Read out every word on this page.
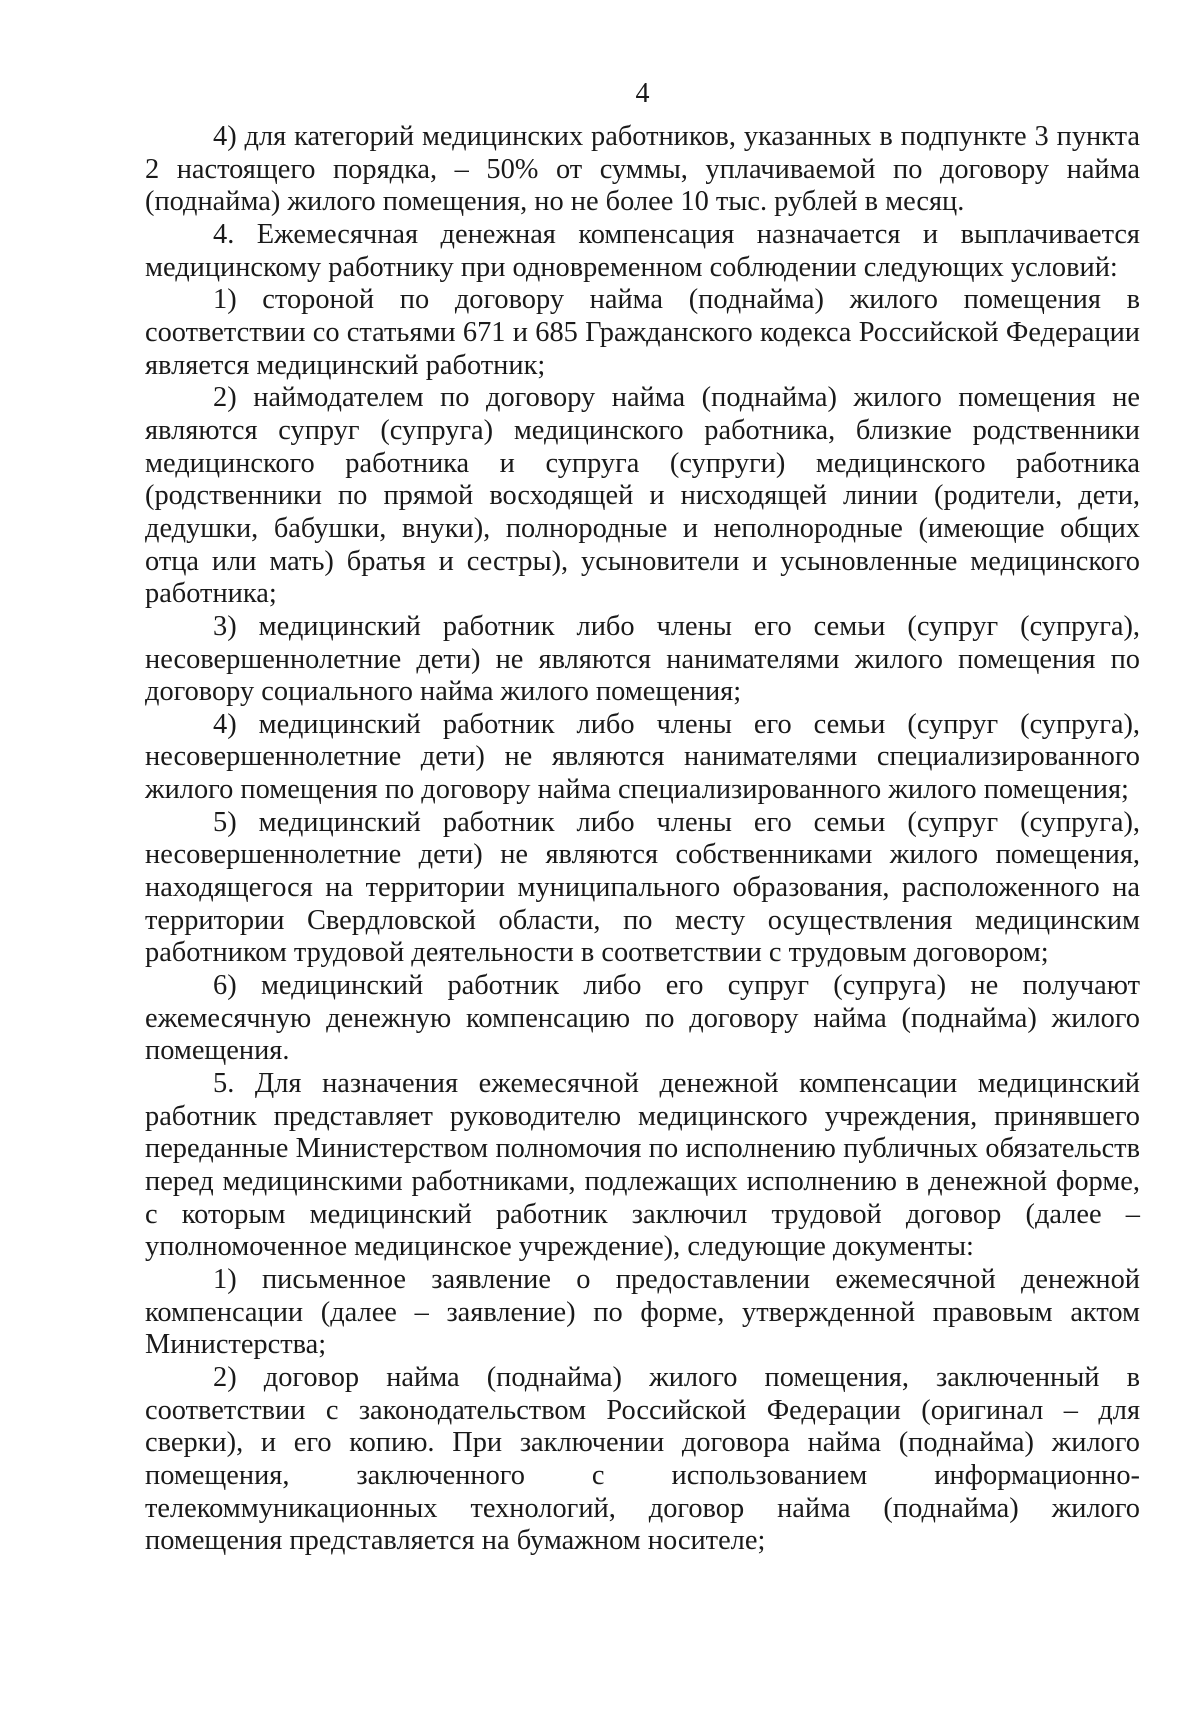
4

4) для категорий медицинских работников, указанных в подпункте 3 пункта 2 настоящего порядка, – 50% от суммы, уплачиваемой по договору найма (поднайма) жилого помещения, но не более 10 тыс. рублей в месяц.

4. Ежемесячная денежная компенсация назначается и выплачивается медицинскому работнику при одновременном соблюдении следующих условий:

1) стороной по договору найма (поднайма) жилого помещения в соответствии со статьями 671 и 685 Гражданского кодекса Российской Федерации является медицинский работник;

2) наймодателем по договору найма (поднайма) жилого помещения не являются супруг (супруга) медицинского работника, близкие родственники медицинского работника и супруга (супруги) медицинского работника (родственники по прямой восходящей и нисходящей линии (родители, дети, дедушки, бабушки, внуки), полнородные и неполнородные (имеющие общих отца или мать) братья и сестры), усыновители и усыновленные медицинского работника;

3) медицинский работник либо члены его семьи (супруг (супруга), несовершеннолетние дети) не являются нанимателями жилого помещения по договору социального найма жилого помещения;

4) медицинский работник либо члены его семьи (супруг (супруга), несовершеннолетние дети) не являются нанимателями специализированного жилого помещения по договору найма специализированного жилого помещения;

5) медицинский работник либо члены его семьи (супруг (супруга), несовершеннолетние дети) не являются собственниками жилого помещения, находящегося на территории муниципального образования, расположенного на территории Свердловской области, по месту осуществления медицинским работником трудовой деятельности в соответствии с трудовым договором;

6) медицинский работник либо его супруг (супруга) не получают ежемесячную денежную компенсацию по договору найма (поднайма) жилого помещения.

5. Для назначения ежемесячной денежной компенсации медицинский работник представляет руководителю медицинского учреждения, принявшего переданные Министерством полномочия по исполнению публичных обязательств перед медицинскими работниками, подлежащих исполнению в денежной форме, с которым медицинский работник заключил трудовой договор (далее – уполномоченное медицинское учреждение), следующие документы:

1) письменное заявление о предоставлении ежемесячной денежной компенсации (далее – заявление) по форме, утвержденной правовым актом Министерства;

2) договор найма (поднайма) жилого помещения, заключенный в соответствии с законодательством Российской Федерации (оригинал – для сверки), и его копию. При заключении договора найма (поднайма) жилого помещения, заключенного с использованием информационно-телекоммуникационных технологий, договор найма (поднайма) жилого помещения представляется на бумажном носителе;
